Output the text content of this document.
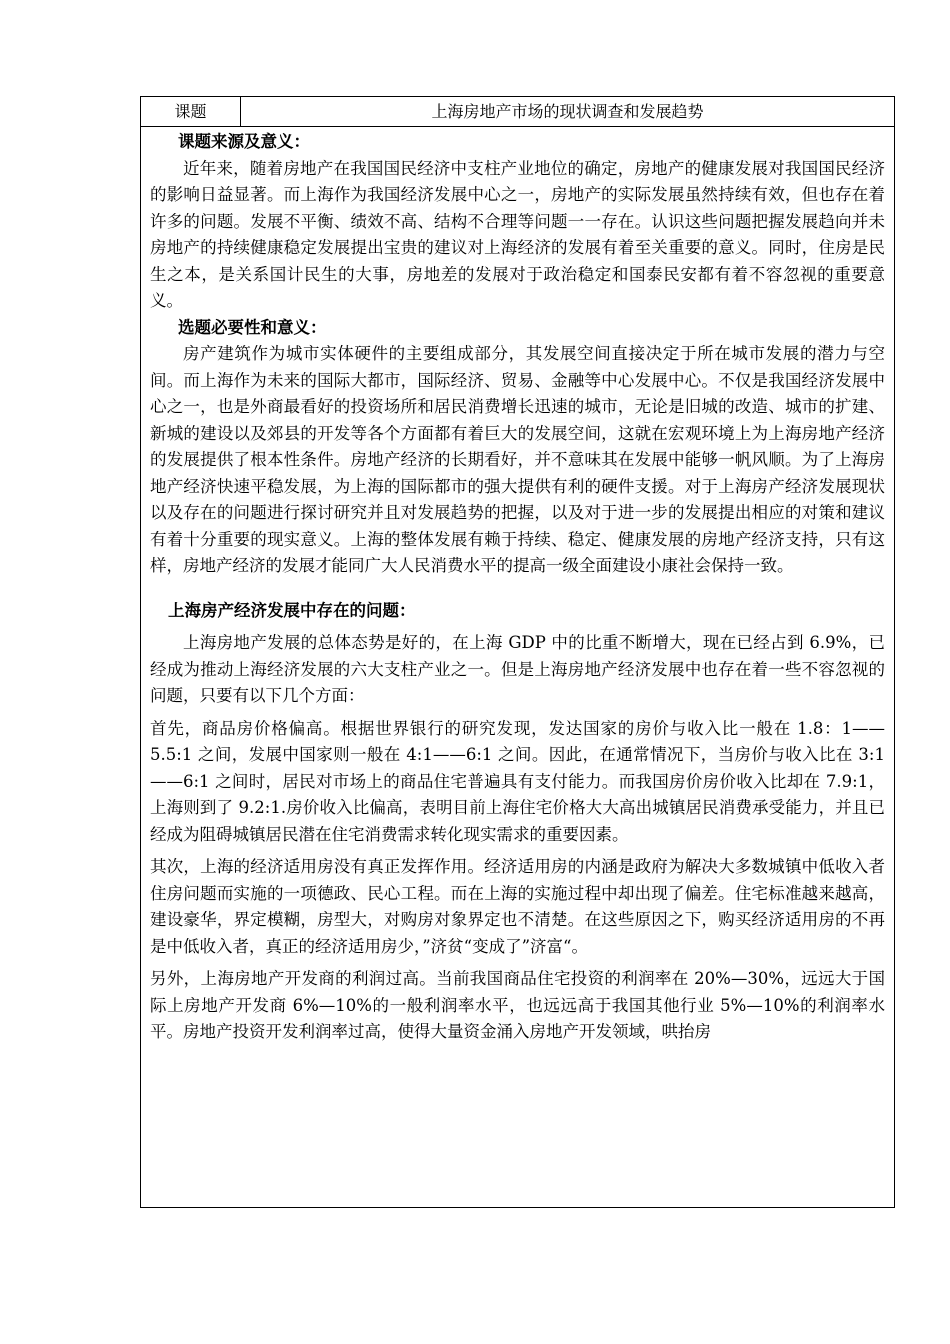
课题	上海房地产市场的现状调查和发展趋势

课题来源及意义：

近年来，随着房地产在我国国民经济中支柱产业地位的确定，房地产的健康发展对我国国民经济的影响日益显著。而上海作为我国经济发展中心之一，房地产的实际发展虽然持续有效，但也存在着许多的问题。发展不平衡、绩效不高、结构不合理等问题一一存在。认识这些问题把握发展趋向并未房地产的持续健康稳定发展提出宝贵的建议对上海经济的发展有着至关重要的意义。同时，住房是民生之本，是关系国计民生的大事，房地差的发展对于政治稳定和国泰民安都有着不容忽视的重要意义。

选题必要性和意义：

房产建筑作为城市实体硬件的主要组成部分，其发展空间直接决定于所在城市发展的潜力与空间。而上海作为未来的国际大都市，国际经济、贸易、金融等中心发展中心。不仅是我国经济发展中心之一，也是外商最看好的投资场所和居民消费增长迅速的城市，无论是旧城的改造、城市的扩建、新城的建设以及郊县的开发等各个方面都有着巨大的发展空间，这就在宏观环境上为上海房地产经济的发展提供了根本性条件。房地产经济的长期看好，并不意味其在发展中能够一帆风顺。为了上海房地产经济快速平稳发展，为上海的国际都市的强大提供有利的硬件支援。对于上海房产经济发展现状以及存在的问题进行探讨研究并且对发展趋势的把握，以及对于进一步的发展提出相应的对策和建议有着十分重要的现实意义。上海的整体发展有赖于持续、稳定、健康发展的房地产经济支持，只有这样，房地产经济的发展才能同广大人民消费水平的提高一级全面建设小康社会保持一致。

上海房产经济发展中存在的问题：

上海房地产发展的总体态势是好的，在上海 GDP 中的比重不断增大，现在已经占到 6.9%，已经成为推动上海经济发展的六大支柱产业之一。但是上海房地产经济发展中也存在着一些不容忽视的问题，只要有以下几个方面：

首先，商品房价格偏高。根据世界银行的研究发现，发达国家的房价与收入比一般在 1.8：1——5.5:1 之间，发展中国家则一般在 4:1——6:1 之间。因此，在通常情况下，当房价与收入比在 3:1——6:1 之间时，居民对市场上的商品住宅普遍具有支付能力。而我国房价房价收入比却在 7.9:1，上海则到了 9.2:1.房价收入比偏高，表明目前上海住宅价格大大高出城镇居民消费承受能力，并且已经成为阻碍城镇居民潜在住宅消费需求转化现实需求的重要因素。

其次，上海的经济适用房没有真正发挥作用。经济适用房的内涵是政府为解决大多数城镇中低收入者住房问题而实施的一项德政、民心工程。而在上海的实施过程中却出现了偏差。住宅标准越来越高，建设豪华，界定模糊，房型大，对购房对象界定也不清楚。在这些原因之下，购买经济适用房的不再是中低收入者，真正的经济适用房少，”济贫“变成了”济富“。

另外，上海房地产开发商的利润过高。当前我国商品住宅投资的利润率在 20%—30%，远远大于国际上房地产开发商 6%—10%的一般利润率水平，也远远高于我国其他行业 5%—10%的利润率水平。房地产投资开发利润率过高，使得大量资金涌入房地产开发领域，哄抬房
